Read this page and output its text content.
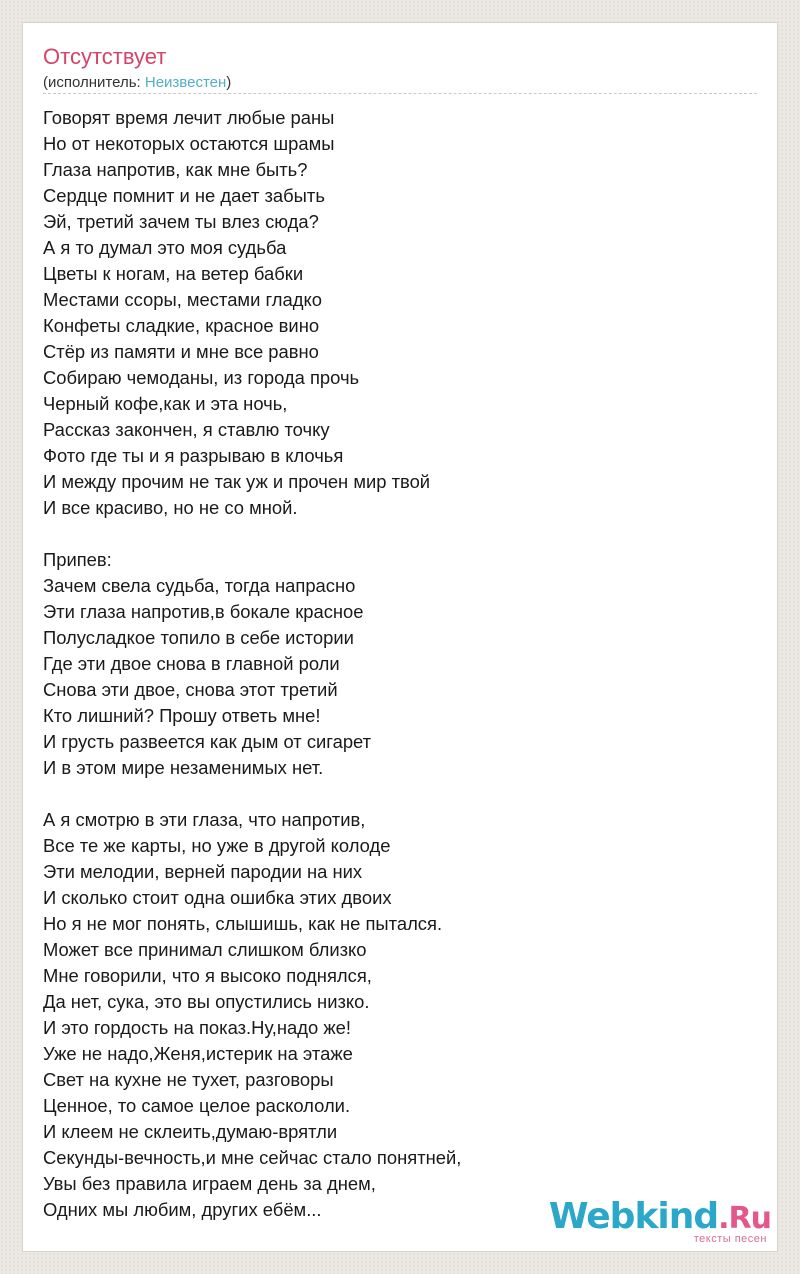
Отсутствует
(исполнитель: Неизвестен)
Говорят время лечит любые раны
Но от некоторых остаются шрамы
Глаза напротив, как мне быть?
Сердце помнит и не дает забыть
Эй, третий зачем ты влез сюда?
А я то думал это моя судьба
Цветы к ногам, на ветер бабки
Местами ссоры, местами гладко
Конфеты сладкие, красное вино
Стёр из памяти и мне все равно
Собираю чемоданы, из города прочь
Черный кофе,как и эта ночь,
Рассказ закончен, я ставлю точку
Фото где ты и я разрываю в клочья
И между прочим не так уж и прочен мир твой
И все красиво, но не со мной.
Припев:
Зачем свела судьба, тогда напрасно
Эти глаза напротив,в бокале красное
Полусладкое топило в себе истории
Где эти двое снова в главной роли
Снова эти двое, снова этот третий
Кто лишний? Прошу ответь мне!
И грусть развеется как дым от сигарет
И в этом мире незаменимых нет.
А я смотрю в эти глаза, что напротив,
Все те же карты, но уже в другой колоде
Эти мелодии, верней пародии на них
И сколько стоит одна ошибка этих двоих
Но я не мог понять, слышишь, как не пытался.
Может все принимал слишком близко
Мне говорили, что я высоко поднялся,
Да нет, сука, это вы опустились низко.
И это гордость на показ.Ну,надо же!
Уже не надо,Женя,истерик на этаже
Свет на кухне не тухет, разговоры
Ценное, то самое целое раскололи.
И клеем не склеить,думаю-врятли
Секунды-вечность,и мне сейчас стало понятней,
Увы без правила играем день за днем,
Одних мы любим, других ебём...	Webkind.Ru
тексты песен
